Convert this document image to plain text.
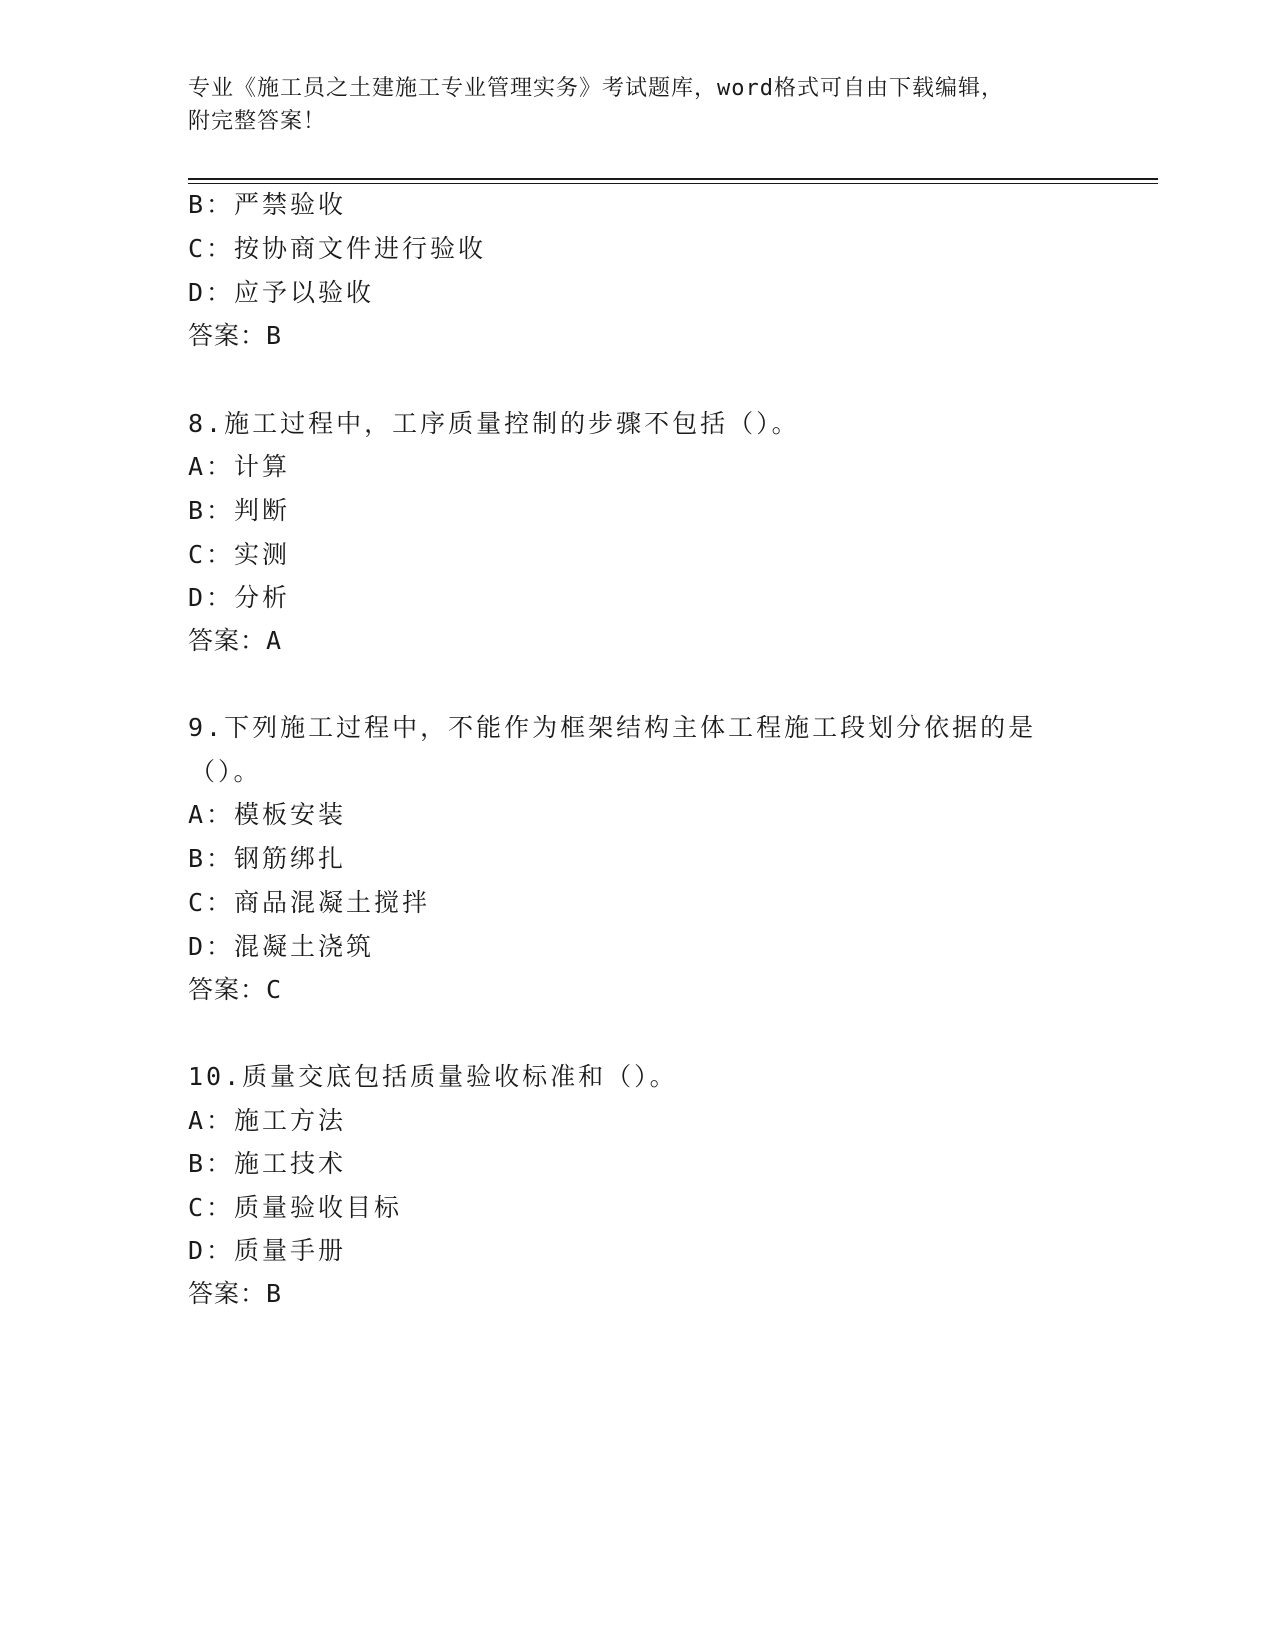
专业《施工员之土建施工专业管理实务》考试题库，word格式可自由下载编辑，
附完整答案！
B：严禁验收
C：按协商文件进行验收
D：应予以验收
答案：B
8.施工过程中，工序质量控制的步骤不包括（）。
A：计算
B：判断
C：实测
D：分析
答案：A
9.下列施工过程中，不能作为框架结构主体工程施工段划分依据的是
（）。
A：模板安装
B：钢筋绑扎
C：商品混凝土搅拌
D：混凝土浇筑
答案：C
10.质量交底包括质量验收标准和（）。
A：施工方法
B：施工技术
C：质量验收目标
D：质量手册
答案：B
